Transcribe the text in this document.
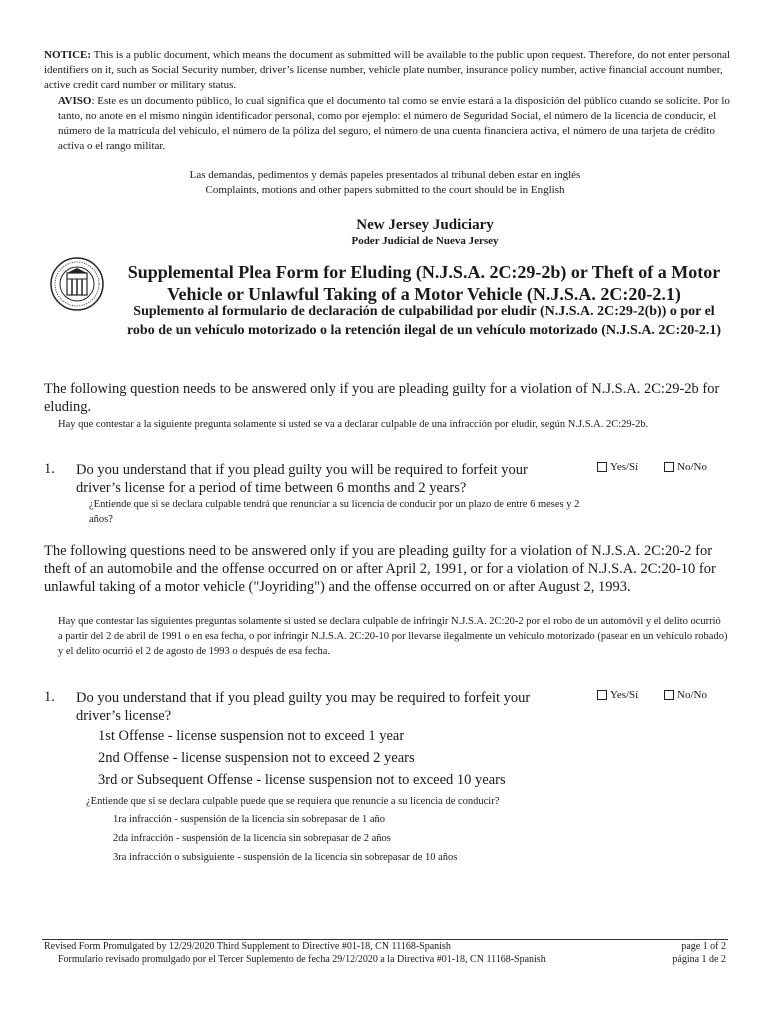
NOTICE: This is a public document, which means the document as submitted will be available to the public upon request. Therefore, do not enter personal identifiers on it, such as Social Security number, driver’s license number, vehicle plate number, insurance policy number, active financial account number, active credit card number or military status.
AVISO: Este es un documento público, lo cual significa que el documento tal como se envíe estará a la disposición del público cuando se solicite. Por lo tanto, no anote en el mismo ningún identificador personal, como por ejemplo: el número de Seguridad Social, el número de la licencia de conducir, el número de la matrícula del vehículo, el número de la póliza del seguro, el número de una cuenta financiera activa, el número de una tarjeta de crédito activa o el rango militar.
Las demandas, pedimentos y demás papeles presentados al tribunal deben estar en inglés
Complaints, motions and other papers submitted to the court should be in English
New Jersey Judiciary
Poder Judicial de Nueva Jersey
Supplemental Plea Form for Eluding (N.J.S.A. 2C:29-2b) or Theft of a Motor Vehicle or Unlawful Taking of a Motor Vehicle (N.J.S.A. 2C:20-2.1)
Suplemento al formulario de declaración de culpabilidad por eludir (N.J.S.A. 2C:29-2(b)) o por el robo de un vehículo motorizado o la retención ilegal de un vehículo motorizado (N.J.S.A. 2C:20-2.1)
The following question needs to be answered only if you are pleading guilty for a violation of N.J.S.A. 2C:29-2b for eluding.
Hay que contestar a la siguiente pregunta solamente si usted se va a declarar culpable de una infracción por eludir, según N.J.S.A. 2C:29-2b.
1. Do you understand that if you plead guilty you will be required to forfeit your driver’s license for a period of time between 6 months and 2 years?
¿Entiende que si se declara culpable tendrá que renunciar a su licencia de conducir por un plazo de entre 6 meses y 2 años?
Yes/Sí	No/No
The following questions need to be answered only if you are pleading guilty for a violation of N.J.S.A. 2C:20-2 for theft of an automobile and the offense occurred on or after April 2, 1991, or for a violation of N.J.S.A. 2C:20-10 for unlawful taking of a motor vehicle ("Joyriding") and the offense occurred on or after August 2, 1993.
Hay que contestar las siguientes preguntas solamente si usted se declara culpable de infringir N.J.S.A. 2C:20-2 por el robo de un automóvil y el delito ocurrió a partir del 2 de abril de 1991 o en esa fecha, o por infringir N.J.S.A. 2C:20-10 por llevarse ilegalmente un vehículo motorizado (pasear en un vehículo robado) y el delito ocurrió el 2 de agosto de 1993 o después de esa fecha.
1. Do you understand that if you plead guilty you may be required to forfeit your driver’s license?
Yes/Sí	No/No
1st Offense - license suspension not to exceed 1 year
2nd Offense - license suspension not to exceed 2 years
3rd or Subsequent Offense - license suspension not to exceed 10 years
¿Entiende que si se declara culpable puede que se requiera que renuncie a su licencia de conducir?
1ra infracción - suspensión de la licencia sin sobrepasar de 1 año
2da infracción - suspensión de la licencia sin sobrepasar de 2 años
3ra infracción o subsiguiente - suspensión de la licencia sin sobrepasar de 10 años
Revised Form Promulgated by 12/29/2020 Third Supplement to Directive #01-18, CN 11168-Spanish
Formulario revisado promulgado por el Tercer Suplemento de fecha 29/12/2020 a la Directiva #01-18, CN 11168-Spanish
page 1 of 2
página 1 de 2
